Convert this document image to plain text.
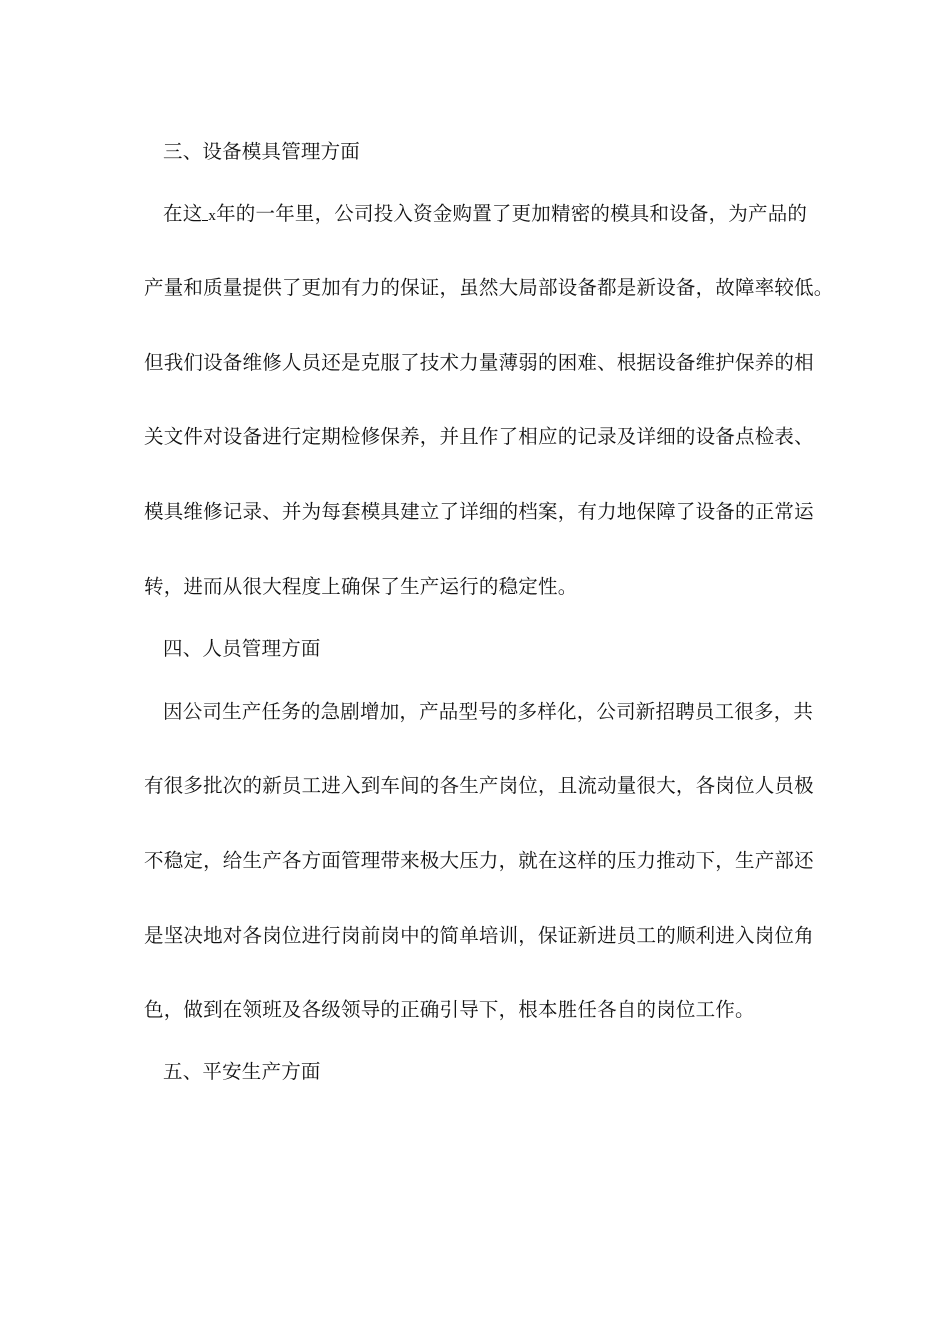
三、设备模具管理方面
在这 x年的一年里，公司投入资金购置了更加精密的模具和设备，为产品的
产量和质量提供了更加有力的保证，虽然大局部设备都是新设备，故障率较低。
但我们设备维修人员还是克服了技术力量薄弱的困难、根据设备维护保养的相
关文件对设备进行定期检修保养，并且作了相应的记录及详细的设备点检表、
模具维修记录、并为每套模具建立了详细的档案，有力地保障了设备的正常运
转，进而从很大程度上确保了生产运行的稳定性。
四、人员管理方面
因公司生产任务的急剧增加，产品型号的多样化，公司新招聘员工很多，共
有很多批次的新员工进入到车间的各生产岗位，且流动量很大，各岗位人员极
不稳定，给生产各方面管理带来极大压力，就在这样的压力推动下，生产部还
是坚决地对各岗位进行岗前岗中的简单培训，保证新进员工的顺利进入岗位角
色，做到在领班及各级领导的正确引导下，根本胜任各自的岗位工作。
五、平安生产方面
